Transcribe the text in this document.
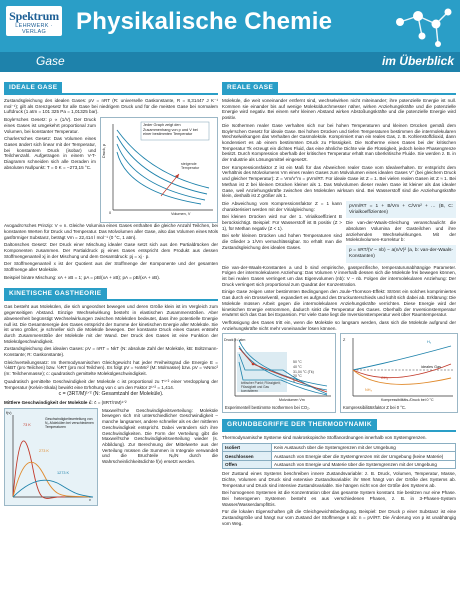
Spektrum
LEHRWERK · VERLAG	Physikalische Chemie
Gase	im Überblick
IDEALE GASE

Zustandsgleichung des idealen Gases: pV = nRT (R: universelle Gaskonstante, R = 8,31447 J K⁻¹ mol⁻¹); gilt als Grenzgesetz für alle Gase bei niedrigem Druck und für die meisten Gase bei normalem Luftdruck (1 atm = 101 325 Pa = 1,01325 bar).

Boyle'sches Gesetz: p ∝ (1/V). Der Druck eines Gases ist umgekehrt proportional zum Volumen, bei konstanter Temperatur.

Charles'sches Gesetz: Das Volumen eines Gases ändert sich linear mit der Temperatur, bei konstantem Druck (isobar) und Teilchenzahl. Aufgetragen in einem V-T-Diagramm schneiden sich alle Geraden im absoluten Nullpunkt: T = 0 K = −273,15 °C.

Jeder Graph zeigt den Zusammenhang von p und V bei einer bestimmten Temperatur
steigende Temperatur
Volumen, V
Druck, p
0

Avogadro'sches Prinzip: V ∝ n. Gleiche Volumina eines Gases enthalten die gleiche Anzahl Teilchen, bei konstanten Werten für Druck und Temperatur. Das Molvolumen aller Gase, also das Volumen eines Mols gasförmiger Substanz, beträgt Vm = 22,414 l mol⁻¹ (0 °C, 1 atm).

Daltonsches Gesetz: Der Druck einer Mischung idealer Gase setzt sich aus den Partialdrücken der Komponenten zusammen. Der Partialdruck pj eines Gases entspricht dem Produkt aus dessen Stoffmengenanteil xj in der Mischung und dem Gesamtdruck: pj = xj · p.

Der Stoffmengenanteil x ist der Quotient aus der Stoffmenge der Komponente und der gesamten Stoffmenge aller Moleküle.

Beispiel binäre Mischung: xA + xB = 1; pA = pB/(xA + xB); pA = pB/(xA + xB).

KINETISCHE GASTHEORIE

Gas besteht aus Molekülen, die sich ungeordnet bewegen und deren Größe klein ist im Vergleich zum gegenseitigen Abstand. Einzige Wechselwirkung besteht in elastischen Zusammenstößen. Aber abwesenheit begünstigt Wechselwirkungen zwischen Molekülen bedeutet, dass ihre potentielle Energie null ist. Die Gesamtenergie des Gases entspricht der Summe der kinetischen Energie aller Moleküle. Sie ist umso größer, je schneller sich die Moleküle bewegen. Der konstante Druck eines Gases entsteht durch Zusammenstöße der Moleküle mit der Wand. Der Druck des Gases ist eine Funktion der Molekülgeschwindigkeit.

Zustandsgleichung des idealen Gases: pV = nRT = NkT (N: absolute Zahl der Moleküle, kB: Boltzmann-Konstante; R: Gaskonstante).

Gleichverteilungssatz: Im thermodynamischen Gleichgewicht hat jeder Freiheitsgrad die Energie E = ½kBT (pro Teilchen) bzw. ½RT (pro mol Teilchen). Es folgt pV = ⅓nMc² (M: Molmasse) bzw. pV = ⅓Nmc² (m: Teilchenmasse); c: quadratisch gemittelte Molekülgeschwindigkeit.

Quadratisch gemittelte Geschwindigkeit der Moleküle c ist proportional zu T¹ᐟ² einer Verdopplung der Temperatur (Kelvin-Skala) bewirkt eine Erhöhung von c um den Faktor 2¹ᐟ² = 1,414.

c = (3RT/M)¹ᐟ² (N: Gesamtzahl der Moleküle).

Mittlere Geschwindigkeit der Moleküle c̄: c̄ = (8RT/πM)¹ᐟ²

73 K
273 K
1273 K
Geschwindigkeitsverteilung von N₂-Molekülen bei verschiedenen Temperaturen
f(v)
v

Maxwell'sche Geschwindigkeitsverteilung: Moleküle bewegen sich mit unterschiedlicher Geschwindigkeit – manche langsamer, andere schneller als es der mittleren Geschwindigkeit entspricht. Dabei verändern sich ihre Geschwindigkeiten. Die Form der Verteilung gibt die Maxwell'sche Geschwindigkeitsverteilung wieder (s. Abbildung). Zur Berechnung der Mittelwerte aus der Verteilung müssen die Summen in Integrale verwandelt und die Bruchteile Nᵥ/N durch die Wahrscheinlichkeitsdichte f(v) ersetzt werden.

REALE GASE

Moleküle, die weit voneinander entfernt sind, wechselwirken nicht miteinander; ihre potenzielle Energie ist null. Kommen sie einander bis auf wenige Moleküldurchmesser näher, wirken Anziehungskräfte und die potenzielle Energie wird negativ. Bei einem sehr kleinen Abstand wirken Abstoßungskräfte und die potenzielle Energie wird positiv.

Die Isothermen realer Gase verhalten sich nur bei hohen Temperaturen und kleinen Drücken gemäß dem Boyle'schen Gesetz für ideale Gase. Bei hohen Drücken und tiefen Temperaturen bestimmen die intermolekularen Wechselwirkungen das Verhalten der Gasmoleküle. Komprimiert man ein reales Gas, z. B. Kohlenstoffdioxid, dann kondensiert es ab einem bestimmten Druck zu Flüssigkeit. Die Isotherme eines Gases bei der kritischen Temperatur Tk erzeugt ein dichtes Fluid, das eine ähnliche Dichte wie die Flüssigkeit, jedoch keine Phasengrenze besitzt. Durch Kompression oberhalb der kritischen Temperatur erhält man überkritische Fluide. Sie werden z. B. in der Industrie als Lösungsmittel eingesetzt.

Der Kompressionsfaktor Z ist ein Maß für das Abweichen realer Gase vom Idealverhalten. Er entspricht dem Verhältnis des Molvolumens Vm eines realen Gases zum Molvolumen eines idealen Gases V° (bei gleichem Druck und gleicher Temperatur): Z = Vm/V°m = pVm/RT. Für ideale Gase ist Z = 1. Bei vielen realen Gasen ist Z ≈ 1. Bei Methan ist Z bei kleinen Drücken kleiner als 1. Das Molvolumen dieser realen Gase ist kleiner als das idealer Gase, weil Anziehungskräfte zwischen den Molekülen wirksam sind. Bei Wasserstoff sind die Anziehungskräfte klein, deshalb ist Z größer als 1.

Die Abweichung vom Kompressionsfaktor Z = 1 kann charakterisiert werden mit der Virialgleichung:

Bei kleinen Drücken wird nur der 1. Virialkoeffizient B berücksichtigt. Beispiel: Für Wasserstoff ist B positiv (Z > 1), für Methan negativ (Z < 1).

Bei sehr kleinen Drücken und hohen Temperaturen sind die Glieder ≥ 1/Vm vernachlässigbar. So erhält man die Zustandsgleichung des idealen Gases.

pVm/RT = 1 + B/Vm + C/Vm² + … (B, C: Virialkoeffizienten)

Die van-der-Waals-Gleichung veranschaulicht die absoluten Volumina der Gasteilchen und ihre anziehenden Wechselwirkungen. Mit der Molekülvolumen-Korrektur b:

p = nRT/(V − nb) − a(n/V)² (a, b: van-der-Waals-Konstanten)

Die van-der-Waals-Konstanten a und b sind empirische, gasspezifische, temperaturunabhängige Parameter. Folgen der intermolekularen Anziehung: Das Volumen V innerhalb dessen sich die Moleküle frei bewegen können, ist bei realen Gasen verringert um das Eigenvolumen (nb): V − nb. Folgen der intermolekularen Anziehung: Der Druck verringert sich proportional zum Quadrat der Konzentration.

Einige Gase zeigen unter bestimmten Bedingungen den Joule-Thomson-Effekt: Strömt ein solches komprimiertes Gas durch ein Drosselventil, expandiert es aufgrund des Druckunterschieds und kühlt sich dabei ab. Erklärung: Die Moleküle müssen Arbeit gegen die intermolekularen Anziehungskräfte verrichten. Diese Energie wird der kinetischen Energie entnommen, dadurch sinkt die Temperatur des Gases. Oberhalb der Inversionstemperatur erwärmt sich das Gas bei Expansion. Für viele Gase liegt die Inversionstemperatur weit über Raumtemperatur.

Verflüssigung des Gases tritt ein, wenn die Moleküle so langsam werden, dass sich die Moleküle aufgrund der Anziehungskräfte nicht mehr voneinander lösen können.

50 °C
40 °C
31,04 °C (Tk)
20 °C
0 °C
kritischer Punkt; Flüssigkeit; Flüssigkeit und Gas koexistieren
Druck p / atm
Molvolumen Vm
Experimentell bestimmte Isothermen bei CO₂.
H₂
ideales Gas
CH₄
NH₃
Z
Kompressibilitäts-/Druck bei 0 °C
Kompressibilitätsfaktor Z bei 0 °C.
GRUNDBEGRIFFE DER THERMODYNAMIK

Thermodynamische Systeme sind makroskopische Stoffanordnungen innerhalb von Systemgrenzen.

Isoliert	Kein Austausch über die Systemgrenzen mit der Umgebung
Geschlossen	Austausch von Energie über die Systemgrenzen mit der Umgebung (keine Materie)
Offen	Austausch von Energie und Materie über die Systemgrenzen mit der Umgebung

Der Zustand eines Systems beschreiben innere Zustandsvariable: z. B. Druck, Volumen, Temperatur, Masse, Dichte, Volumen und Druck sind extensive Zustandsvariable: ihr Wert hängt von der Größe des Systems ab. Temperatur und Druck sind intensive Zustandsvariable. Sie hängen nicht von der Größe des Systems ab.

Bei homogenen Systemen ist die Konzentration über das gesamte System konstant. Sie besitzen nur eine Phase. Bei heterogenen Systemen besteht es aus verschiedenen Phasen, z. B. in 3-Phasen-System Wasser/Wasserdampf/Eis.

Für die lokalen Eigenschaften gilt die Gleichgewichtsbedingung. Beispiel: Der Druck p einer Substanz ist eine Zustandsgröße und hängt nur vom Zustand der Stoffmenge n ab: n = pV/RT. Die Änderung von p ist unabhängig vom Weg.
